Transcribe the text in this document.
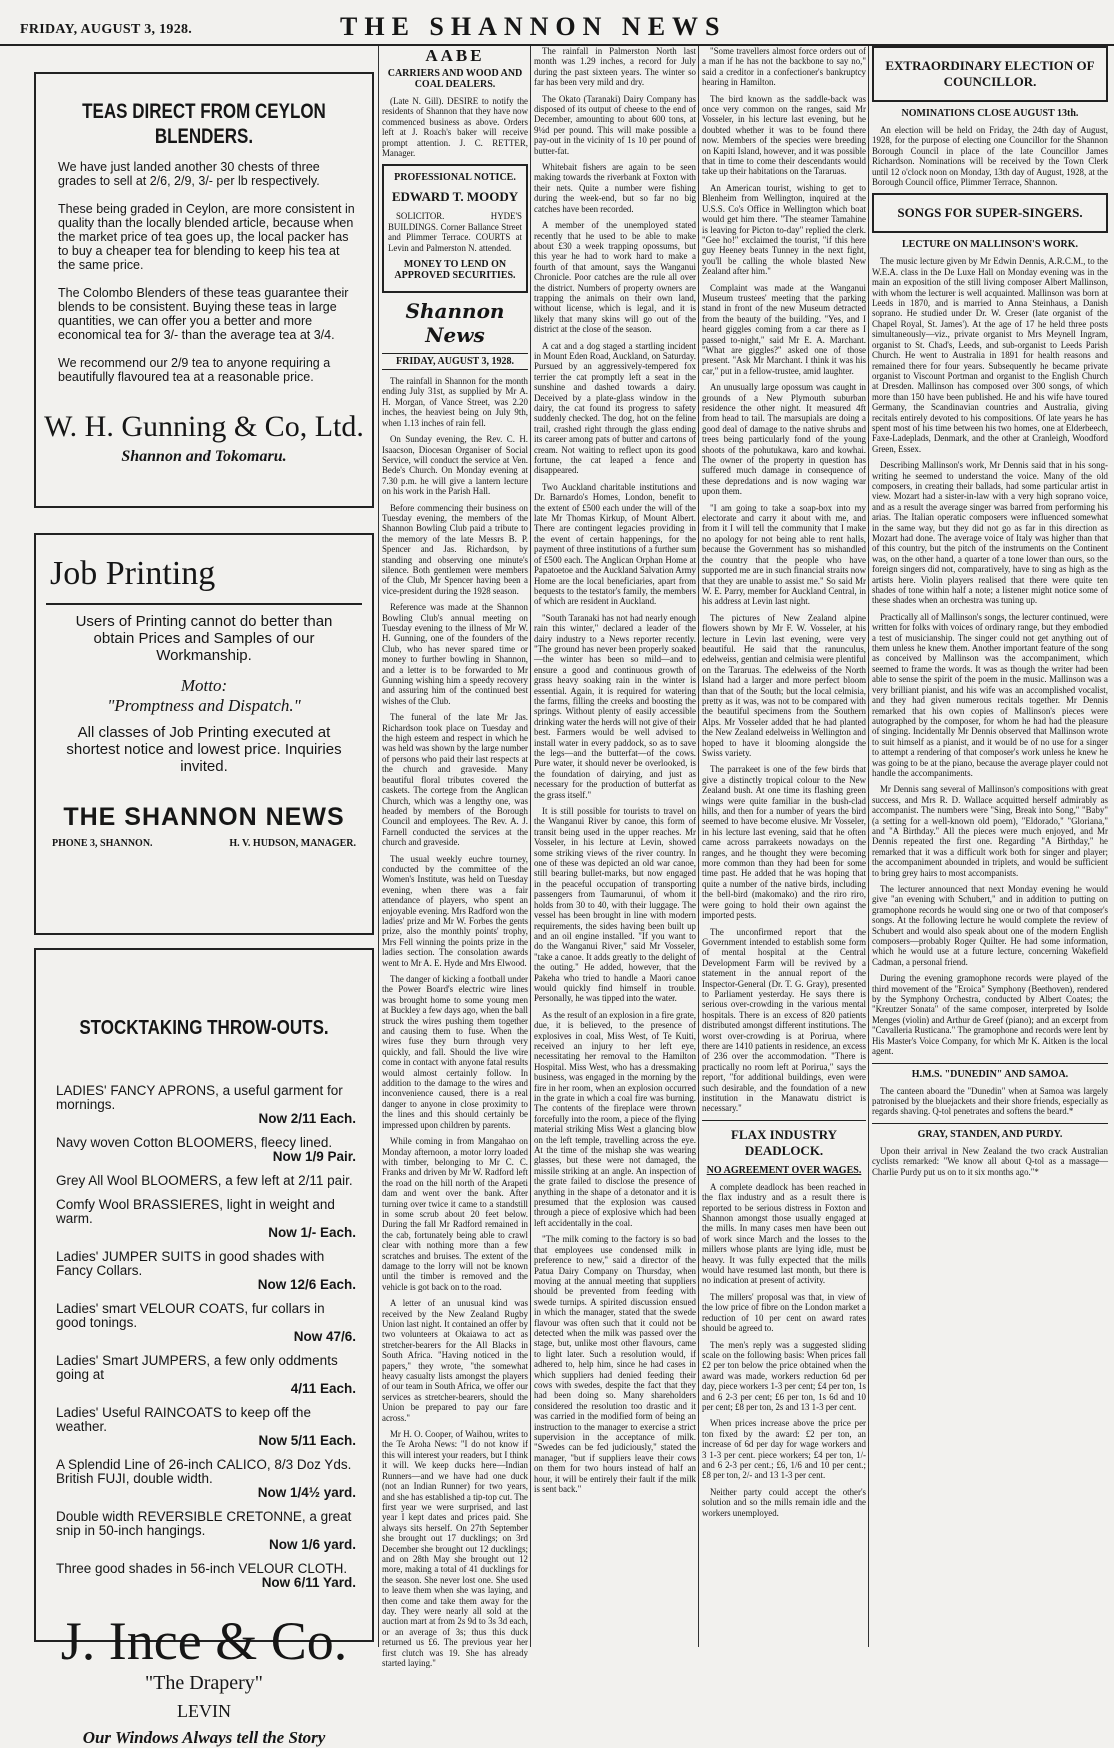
FRIDAY, AUGUST 3, 1928.	THE SHANNON NEWS
TEAS DIRECT FROM CEYLON BLENDERS.

We have just landed another 30 chests of three grades to sell at 2/6, 2/9, 3/- per lb respectively.

These being graded in Ceylon, are more consistent in quality than the locally blended article, because when the market price of tea goes up, the local packer has to buy a cheaper tea for blending to keep his tea at the same price.

The Colombo Blenders of these teas guarantee their blends to be consistent. Buying these teas in large quantities, we can offer you a better and more economical tea for 3/- than the average tea at 3/4.

We recommend our 2/9 tea to anyone requiring a beautifully flavoured tea at a reasonable price.

W. H. Gunning & Co, Ltd.
Shannon and Tokomaru.
Job Printing
Users of Printing cannot do better than obtain Prices and Samples of our Workmanship.
Motto:
"Promptness and Dispatch."
All classes of Job Printing executed at shortest notice and lowest price. Inquiries invited.
THE SHANNON NEWS
PHONE 3, SHANNON.	H. V. HUDSON, MANAGER.
STOCKTAKING THROW-OUTS.
LADIES' FANCY APRONS, a useful garment for mornings.
Now 2/11 Each.
Navy woven Cotton BLOOMERS, fleecy lined.
Now 1/9 Pair.
Grey All Wool BLOOMERS, a few left at 2/11 pair.
Comfy Wool BRASSIERES, light in weight and warm.
Now 1/- Each.
Ladies' JUMPER SUITS in good shades with Fancy Collars.
Now 12/6 Each.
Ladies' smart VELOUR COATS, fur collars in good tonings.
Now 47/6.
Ladies' Smart JUMPERS, a few only oddments going at
4/11 Each.
Ladies' Useful RAINCOATS to keep off the weather.
Now 5/11 Each.
A Splendid Line of 26-inch CALICO, 8/3 Doz Yds. British FUJI, double width.
Now 1/4½ yard.
Double width REVERSIBLE CRETONNE, a great snip in 50-inch hangings.
Now 1/6 yard.
Three good shades in 56-inch VELOUR CLOTH.
Now 6/11 Yard.
J. Ince & Co.
"The Drapery"
LEVIN
Our Windows Always tell the Story
AABE
CARRIERS AND WOOD AND COAL DEALERS.

(Late N. Gill). DESIRE to notify the residents of Shannon that they have now commenced business as above. Orders left at J. Roach's baker will receive prompt attention. J. C. RETTER, Manager.

PROFESSIONAL NOTICE.
EDWARD T. MOODY

SOLICITOR. HYDE'S BUILDINGS. Corner Ballance Street and Plimmer Terrace. COURTS at Levin and Palmerston N. attended.

MONEY TO LEND ON APPROVED SECURITIES.
Shannon News
FRIDAY, AUGUST 3, 1928.

The rainfall in Shannon for the month ending July 31st, as supplied by Mr A. H. Morgan, of Vance Street, was 2.20 inches, the heaviest being on July 9th, when 1.13 inches of rain fell.

On Sunday evening, the Rev. C. H. Isaacson, Diocesan Organiser of Social Service, will conduct the service at Ven. Bede's Church. On Monday evening at 7.30 p.m. he will give a lantern lecture on his work in the Parish Hall.

Before commencing their business on Tuesday evening, the members of the Shannon Bowling Club paid a tribute to the memory of the late Messrs B. P. Spencer and Jas. Richardson, by standing and observing one minute's silence. Both gentlemen were members of the Club, Mr Spencer having been a vice-president during the 1928 season.

Reference was made at the Shannon Bowling Club's annual meeting on Tuesday evening to the illness of Mr W. H. Gunning, one of the founders of the Club, who has never spared time or money to further bowling in Shannon, and a letter is to be forwarded to Mr Gunning wishing him a speedy recovery and assuring him of the continued best wishes of the Club.

The funeral of the late Mr Jas. Richardson took place on Tuesday and the high esteem and respect in which he was held was shown by the large number of persons who paid their last respects at the church and graveside. Many beautiful floral tributes covered the caskets. The cortege from the Anglican Church, which was a lengthy one, was headed by members of the Borough Council and employees. The Rev. A. J. Farnell conducted the services at the church and graveside.

The usual weekly euchre tourney, conducted by the committee of the Women's Institute, was held on Tuesday evening, when there was a fair attendance of players, who spent an enjoyable evening. Mrs Radford won the ladies' prize and Mr W. Forbes the gents prize, also the monthly points' trophy, Mrs Fell winning the points prize in the ladies section. The consolation awards went to Mr A. E. Hyde and Mrs Elwood.

The danger of kicking a football under the Power Board's electric wire lines was brought home to some young men at Buckley a few days ago, when the ball struck the wires pushing them together and causing them to fuse. When the wires fuse they burn through very quickly, and fall. Should the live wire come in contact with anyone fatal results would almost certainly follow. In addition to the damage to the wires and inconvenience caused, there is a real danger to anyone in close proximity to the lines and this should certainly be impressed upon children by parents.

While coming in from Mangahao on Monday afternoon, a motor lorry loaded with timber, belonging to Mr C. C. Franks and driven by Mr W. Radford left the road on the hill north of the Arapeti dam and went over the bank. After turning over twice it came to a standstill in some scrub about 20 feet below. During the fall Mr Radford remained in the cab, fortunately being able to crawl clear with nothing more than a few scratches and bruises. The extent of the damage to the lorry will not be known until the timber is removed and the vehicle is got back on to the road.

A letter of an unusual kind was received by the New Zealand Rugby Union last night. It contained an offer by two volunteers at Okaiawa to act as stretcher-bearers for the All Blacks in South Africa. "Having noticed in the papers," they wrote, "the somewhat heavy casualty lists amongst the players of our team in South Africa, we offer our services as stretcher-bearers, should the Union be prepared to pay our fare across."

Mr H. O. Cooper, of Waihou, writes to the Te Aroha News: "I do not know if this will interest your readers, but I think it will. We keep ducks here—Indian Runners—and we have had one duck (not an Indian Runner) for two years, and she has established a tip-top cut. The first year we were surprised, and last year I kept dates and prices paid. She always sits herself. On 27th September she brought out 17 ducklings; on 3rd December she brought out 12 ducklings; and on 28th May she brought out 12 more, making a total of 41 ducklings for the season. She never lost one. She used to leave them when she was laying, and then come and take them away for the day. They were nearly all sold at the auction mart at from 2s 9d to 3s 3d each, or an average of 3s; thus this duck returned us £6. The previous year her first clutch was 19. She has already started laying."

The rainfall in Palmerston North last month was 1.29 inches, a record for July during the past sixteen years. The winter so far has been very mild and dry.

The Okato (Taranaki) Dairy Company has disposed of its output of cheese to the end of December, amounting to about 600 tons, at 9¼d per pound. This will make possible a pay-out in the vicinity of 1s 10 per pound of butter-fat.

Whitebait fishers are again to be seen making towards the riverbank at Foxton with their nets. Quite a number were fishing during the week-end, but so far no big catches have been recorded.

A member of the unemployed stated recently that he used to be able to make about £30 a week trapping opossums, but this year he had to work hard to make a fourth of that amount, says the Wanganui Chronicle. Poor catches are the rule all over the district. Numbers of property owners are trapping the animals on their own land, without license, which is legal, and it is likely that many skins will go out of the district at the close of the season.

A cat and a dog staged a startling incident in Mount Eden Road, Auckland, on Saturday. Pursued by an aggressively-tempered fox terrier the cat promptly left a seat in the sunshine and dashed towards a dairy. Deceived by a plate-glass window in the dairy, the cat found its progress to safety suddenly checked. The dog, hot on the feline trail, crashed right through the glass ending its career among pats of butter and cartons of cream. Not waiting to reflect upon its good fortune, the cat leaped a fence and disappeared.

Two Auckland charitable institutions and Dr. Barnardo's Homes, London, benefit to the extent of £500 each under the will of the late Mr Thomas Kirkup, of Mount Albert. There are contingent legacies providing in the event of certain happenings, for the payment of three institutions of a further sum of £500 each. The Anglican Orphan Home at Papatoetoe and the Auckland Salvation Army Home are the local beneficiaries, apart from bequests to the testator's family, the members of which are resident in Auckland.

"South Taranaki has not had nearly enough rain this winter," declared a leader of the dairy industry to a News reporter recently. "The ground has never been properly soaked—the winter has been so mild—and to ensure a good and continuous growth of grass heavy soaking rain in the winter is essential. Again, it is required for watering the farms, filling the creeks and boosting the springs. Without plenty of easily accessible drinking water the herds will not give of their best. Farmers would be well advised to install water in every paddock, so as to save the legs—and the butterfat—of the cows. Pure water, it should never be overlooked, is the foundation of dairying, and just as necessary for the production of butterfat as the grass itself."

It is still possible for tourists to travel on the Wanganui River by canoe, this form of transit being used in the upper reaches. Mr Vosseler, in his lecture at Levin, showed some striking views of the river country. In one of these was depicted an old war canoe, still bearing bullet-marks, but now engaged in the peaceful occupation of transporting passengers from Taumarunui, of whom it holds from 30 to 40, with their luggage. The vessel has been brought in line with modern requirements, the sides having been built up and an oil engine installed. "If you want to do the Wanganui River," said Mr Vosseler, "take a canoe. It adds greatly to the delight of the outing." He added, however, that the Pakeha who tried to handle a Maori canoe would quickly find himself in trouble. Personally, he was tipped into the water.

As the result of an explosion in a fire grate, due, it is believed, to the presence of explosives in coal, Miss West, of Te Kuiti, received an injury to her left eye, necessitating her removal to the Hamilton Hospital. Miss West, who has a dressmaking business, was engaged in the morning by the fire in her room, when an explosion occurred in the grate in which a coal fire was burning. The contents of the fireplace were thrown forcefully into the room, a piece of the flying material striking Miss West a glancing blow on the left temple, travelling across the eye. At the time of the mishap she was wearing glasses, but these were not damaged, the missile striking at an angle. An inspection of the grate failed to disclose the presence of anything in the shape of a detonator and it is presumed that the explosion was caused through a piece of explosive which had been left accidentally in the coal.

"The milk coming to the factory is so bad that employees use condensed milk in preference to new," said a director of the Patua Dairy Company on Thursday, when moving at the annual meeting that suppliers should be prevented from feeding with swede turnips. A spirited discussion ensued in which the manager, stated that the swede flavour was often such that it could not be detected when the milk was passed over the stage, but, unlike most other flavours, came to light later. Such a resolution would, if adhered to, help him, since he had cases in which suppliers had denied feeding their cows with swedes, despite the fact that they had been doing so. Many shareholders considered the resolution too drastic and it was carried in the modified form of being an instruction to the manager to exercise a strict supervision in the acceptance of milk. "Swedes can be fed judiciously," stated the manager, "but if suppliers leave their cows on them for two hours instead of half an hour, it will be entirely their fault if the milk is sent back."

"Some travellers almost force orders out of a man if he has not the backbone to say no," said a creditor in a confectioner's bankruptcy hearing in Hamilton.

The bird known as the saddle-back was once very common on the ranges, said Mr Vosseler, in his lecture last evening, but he doubted whether it was to be found there now. Members of the species were breeding on Kapiti Island, however, and it was possible that in time to come their descendants would take up their habitations on the Tararuas.

An American tourist, wishing to get to Blenheim from Wellington, inquired at the U.S.S. Co's Office in Wellington which boat would get him there. "The steamer Tamahine is leaving for Picton to-day" replied the clerk. "Gee ho!" exclaimed the tourist, "if this here guy Heeney beats Tunney in the next fight, you'll be calling the whole blasted New Zealand after him."

Complaint was made at the Wanganui Museum trustees' meeting that the parking stand in front of the new Museum detracted from the beauty of the building. "Yes, and I heard giggles coming from a car there as I passed to-night," said Mr E. A. Marchant. "What are giggles?" asked one of those present. "Ask Mr Marchant. I think it was his car," put in a fellow-trustee, amid laughter.

An unusually large opossum was caught in grounds of a New Plymouth suburban residence the other night. It measured 4ft from head to tail. The marsupials are doing a good deal of damage to the native shrubs and trees being particularly fond of the young shoots of the pohutukawa, karo and kowhai. The owner of the property in question has suffered much damage in consequence of these depredations and is now waging war upon them.

"I am going to take a soap-box into my electorate and carry it about with me, and from it I will tell the community that I make no apology for not being able to rent halls, because the Government has so mishandled the country that the people who have supported me are in such financial straits now that they are unable to assist me." So said Mr W. E. Parry, member for Auckland Central, in his address at Levin last night.

The pictures of New Zealand alpine flowers shown by Mr F. W. Vosseler, at his lecture in Levin last evening, were very beautiful. He said that the ranunculus, edelweiss, gentian and celmisia were plentiful on the Tararuas. The edelweiss of the North Island had a larger and more perfect bloom than that of the South; but the local celmisia, pretty as it was, was not to be compared with the beautiful specimens from the Southern Alps. Mr Vosseler added that he had planted the New Zealand edelweiss in Wellington and hoped to have it blooming alongside the Swiss variety.

The parrakeet is one of the few birds that give a distinctly tropical colour to the New Zealand bush. At one time its flashing green wings were quite familiar in the bush-clad hills, and then for a number of years the bird seemed to have become elusive. Mr Vosseler, in his lecture last evening, said that he often came across parrakeets nowadays on the ranges, and he thought they were becoming more common than they had been for some time past. He added that he was hoping that quite a number of the native birds, including the bell-bird (makomako) and the riro riro, were going to hold their own against the imported pests.

The unconfirmed report that the Government intended to establish some form of mental hospital at the Central Development Farm will be revived by a statement in the annual report of the Inspector-General (Dr. T. G. Gray), presented to Parliament yesterday. He says there is serious over-crowding in the various mental hospitals. There is an excess of 820 patients distributed amongst different institutions. The worst over-crowding is at Porirua, where there are 1410 patients in residence, an excess of 236 over the accommodation. "There is practically no room left at Porirua," says the report, "for additional buildings, even were such desirable, and the foundation of a new institution in the Manawatu district is necessary."

FLAX INDUSTRY DEADLOCK.
NO AGREEMENT OVER WAGES.

A complete deadlock has been reached in the flax industry and as a result there is reported to be serious distress in Foxton and Shannon amongst those usually engaged at the mills. In many cases men have been out of work since March and the losses to the millers whose plants are lying idle, must be heavy. It was fully expected that the mills would have resumed last month, but there is no indication at present of activity.

The millers' proposal was that, in view of the low price of fibre on the London market a reduction of 10 per cent on award rates should be agreed to.

The men's reply was a suggested sliding scale on the following basis: When prices fall £2 per ton below the price obtained when the award was made, workers reduction 6d per day, piece workers 1-3 per cent; £4 per ton, 1s and 6 2-3 per cent; £6 per ton, 1s 6d and 10 per cent; £8 per ton, 2s and 13 1-3 per cent.

When prices increase above the price per ton fixed by the award: £2 per ton, an increase of 6d per day for wage workers and 3 1-3 per cent. piece workers; £4 per ton, 1/- and 6 2-3 per cent.; £6, 1/6 and 10 per cent.; £8 per ton, 2/- and 13 1-3 per cent.

Neither party could accept the other's solution and so the mills remain idle and the workers unemployed.

EXTRAORDINARY ELECTION OF COUNCILLOR.
NOMINATIONS CLOSE AUGUST 13th.

An election will be held on Friday, the 24th day of August, 1928, for the purpose of electing one Councillor for the Shannon Borough Council in place of the late Councillor James Richardson. Nominations will be received by the Town Clerk until 12 o'clock noon on Monday, 13th day of August, 1928, at the Borough Council office, Plimmer Terrace, Shannon.

SONGS FOR SUPER-SINGERS.
LECTURE ON MALLINSON'S WORK.

The music lecture given by Mr Edwin Dennis, A.R.C.M., to the W.E.A. class in the De Luxe Hall on Monday evening was in the main an exposition of the still living composer Albert Mallinson, with whom the lecturer is well acquainted. Mallinson was born at Leeds in 1870, and is married to Anna Steinhaus, a Danish soprano. He studied under Dr. W. Creser (late organist of the Chapel Royal, St. James'). At the age of 17 he held three posts simultaneously—viz., private organist to Mrs Meynell Ingram, organist to St. Chad's, Leeds, and sub-organist to Leeds Parish Church. He went to Australia in 1891 for health reasons and remained there for four years. Subsequently he became private organist to Viscount Portman and organist to the English Church at Dresden. Mallinson has composed over 300 songs, of which more than 150 have been published. He and his wife have toured Germany, the Scandinavian countries and Australia, giving recitals entirely devoted to his compositions. Of late years he has spent most of his time between his two homes, one at Elderbeech, Faxe-Ladeplads, Denmark, and the other at Cranleigh, Woodford Green, Essex.

Describing Mallinson's work, Mr Dennis said that in his song-writing he seemed to understand the voice. Many of the old composers, in creating their ballads, had some particular artist in view. Mozart had a sister-in-law with a very high soprano voice, and as a result the average singer was barred from performing his arias. The Italian operatic composers were influenced somewhat in the same way, but they did not go as far in this direction as Mozart had done. The average voice of Italy was higher than that of this country, but the pitch of the instruments on the Continent was, on the other hand, a quarter of a tone lower than ours, so the foreign singers did not, comparatively, have to sing as high as the artists here. Violin players realised that there were quite ten shades of tone within half a note; a listener might notice some of these shades when an orchestra was tuning up.

Practically all of Mallinson's songs, the lecturer continued, were written for folks with voices of ordinary range, but they embodied a test of musicianship. The singer could not get anything out of them unless he knew them. Another important feature of the song as conceived by Mallinson was the accompaniment, which seemed to frame the words. It was as though the writer had been able to sense the spirit of the poem in the music. Mallinson was a very brilliant pianist, and his wife was an accomplished vocalist, and they had given numerous recitals together. Mr Dennis remarked that his own copies of Mallinson's pieces were autographed by the composer, for whom he had had the pleasure of singing. Incidentally Mr Dennis observed that Mallinson wrote to suit himself as a pianist, and it would be of no use for a singer to attempt a rendering of that composer's work unless he knew he was going to be at the piano, because the average player could not handle the accompaniments.

Mr Dennis sang several of Mallinson's compositions with great success, and Mrs R. D. Wallace acquitted herself admirably as accompanist. The numbers were "Sing, Break into Song," "Baby" (a setting for a well-known old poem), "Eldorado," "Gloriana," and "A Birthday." All the pieces were much enjoyed, and Mr Dennis repeated the first one. Regarding "A Birthday," he remarked that it was a difficult work both for singer and player; the accompaniment abounded in triplets, and would be sufficient to bring grey hairs to most accompanists.

The lecturer announced that next Monday evening he would give "an evening with Schubert," and in addition to putting on gramophone records he would sing one or two of that composer's songs. At the following lecture he would complete the review of Schubert and would also speak about one of the modern English composers—probably Roger Quilter. He had some information, which he would use at a future lecture, concerning Wakefield Cadman, a personal friend.

During the evening gramophone records were played of the third movement of the "Eroica" Symphony (Beethoven), rendered by the Symphony Orchestra, conducted by Albert Coates; the "Kreutzer Sonata" of the same composer, interpreted by Isolde Menges (violin) and Arthur de Greef (piano); and an excerpt from "Cavalleria Rusticana." The gramophone and records were lent by His Master's Voice Company, for which Mr K. Aitken is the local agent.

H.M.S. "DUNEDIN" AND SAMOA.

The canteen aboard the "Dunedin" when at Samoa was largely patronised by the bluejackets and their shore friends, especially as regards shaving. Q-tol penetrates and softens the beard.*

GRAY, STANDEN, AND PURDY.

Upon their arrival in New Zealand the two crack Australian cyclists remarked: "We know all about Q-tol as a massage—Charlie Purdy put us on to it six months ago."*
